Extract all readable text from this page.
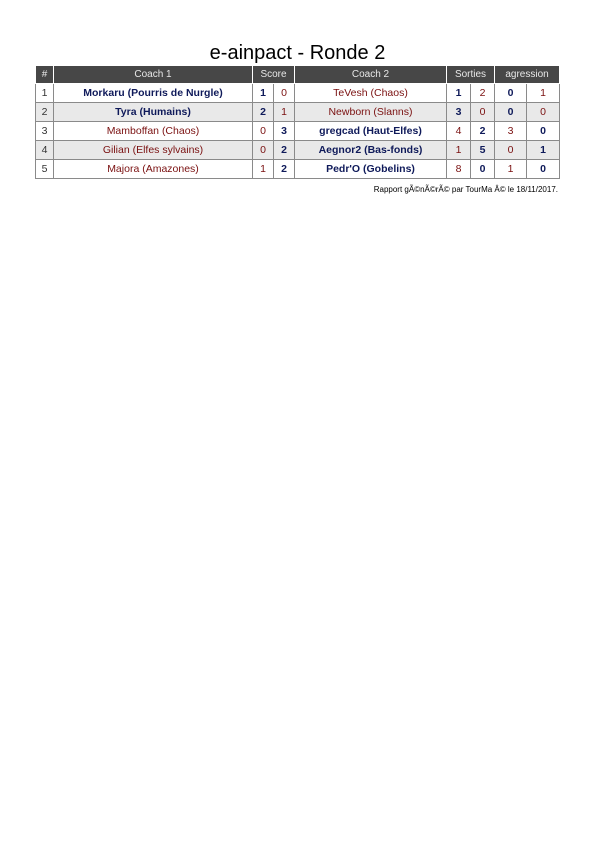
e-ainpact - Ronde 2
#	Coach 1	Score		Coach 2	Sorties		agression	
1	Morkaru (Pourris de Nurgle)	1	0	TeVesh (Chaos)	1	2	0	1
2	Tyra (Humains)	2	1	Newborn (Slanns)	3	0	0	0
3	Mamboffan (Chaos)	0	3	gregcad (Haut-Elfes)	4	2	3	0
4	Gilian (Elfes sylvains)	0	2	Aegnor2 (Bas-fonds)	1	5	0	1
5	Majora (Amazones)	1	2	Pedr'O (Gobelins)	8	0	1	0
Rapport gÃ©nÃ©rÃ© par TourMa Â© le 18/11/2017.
